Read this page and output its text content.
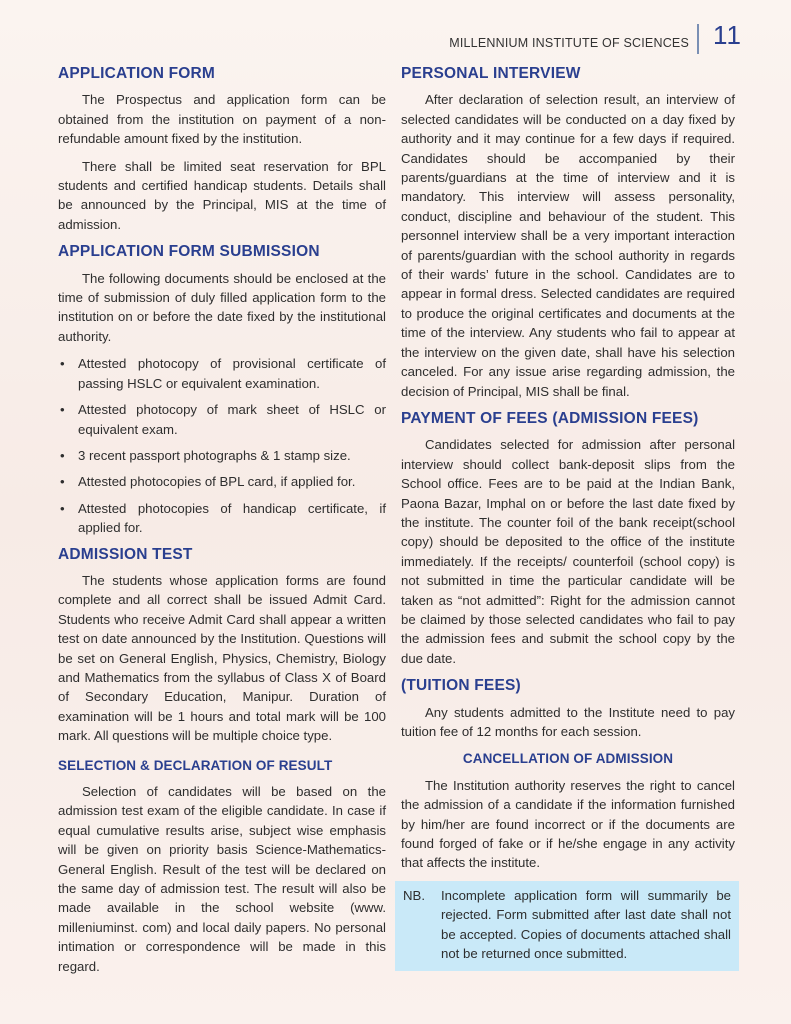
MILLENNIUM INSTITUTE OF SCIENCES 11
APPLICATION FORM

The Prospectus and application form can be obtained from the institution on payment of a non-refundable amount fixed by the institution.

There shall be limited seat reservation for BPL students and certified handicap students. Details shall be announced by the Principal, MIS at the time of admission.

APPLICATION FORM SUBMISSION

The following documents should be enclosed at the time of submission of duly filled application form to the institution on or before the date fixed by the institutional authority.

• Attested photocopy of provisional certificate of passing HSLC or equivalent examination.
• Attested photocopy of mark sheet of HSLC or equivalent exam.
• 3 recent passport photographs & 1 stamp size.
• Attested photocopies of BPL card, if applied for.
• Attested photocopies of handicap certificate, if applied for.
ADMISSION TEST

The students whose application forms are found complete and all correct shall be issued Admit Card. Students who receive Admit Card shall appear a written test on date announced by the Institution. Questions will be set on General English, Physics, Chemistry, Biology and Mathematics from the syllabus of Class X of Board of Secondary Education, Manipur. Duration of examination will be 1 hours and total mark will be 100 mark. All questions will be multiple choice type.

SELECTION & DECLARATION OF RESULT

Selection of candidates will be based on the admission test exam of the eligible candidate. In case if equal cumulative results arise, subject wise emphasis will be given on priority basis Science-Mathematics-General English. Result of the test will be declared on the same day of admission test. The result will also be made available in the school website (www. milleniuminst. com) and local daily papers. No personal intimation or correspondence will be made in this regard.

PERSONAL INTERVIEW

After declaration of selection result, an interview of selected candidates will be conducted on a day fixed by authority and it may continue for a few days if required. Candidates should be accompanied by their parents/guardians at the time of interview and it is mandatory. This interview will assess personality, conduct, discipline and behaviour of the student. This personnel interview shall be a very important interaction of parents/guardian with the school authority in regards of their wards’ future in the school. Candidates are to appear in formal dress. Selected candidates are required to produce the original certificates and documents at the time of the interview. Any students who fail to appear at the interview on the given date, shall have his selection canceled. For any issue arise regarding admission, the decision of Principal, MIS shall be final.

PAYMENT OF FEES (ADMISSION FEES)

Candidates selected for admission after personal interview should collect bank-deposit slips from the School office. Fees are to be paid at the Indian Bank, Paona Bazar, Imphal on or before the last date fixed by the institute. The counter foil of the bank receipt(school copy) should be deposited to the office of the institute immediately. If the receipts/ counterfoil (school copy) is not submitted in time the particular candidate will be taken as “not admitted”: Right for the admission cannot be claimed by those selected candidates who fail to pay the admission fees and submit the school copy by the due date.

(TUITION FEES)

Any students admitted to the Institute need to pay tuition fee of 12 months for each session.

CANCELLATION OF ADMISSION

The Institution authority reserves the right to cancel the admission of a candidate if the information furnished by him/her are found incorrect or if the documents are found forged of fake or if he/she engage in any activity that affects the institute.

NB.	Incomplete application form will summarily be rejected. Form submitted after last date shall not be accepted. Copies of documents attached shall not be returned once submitted.
